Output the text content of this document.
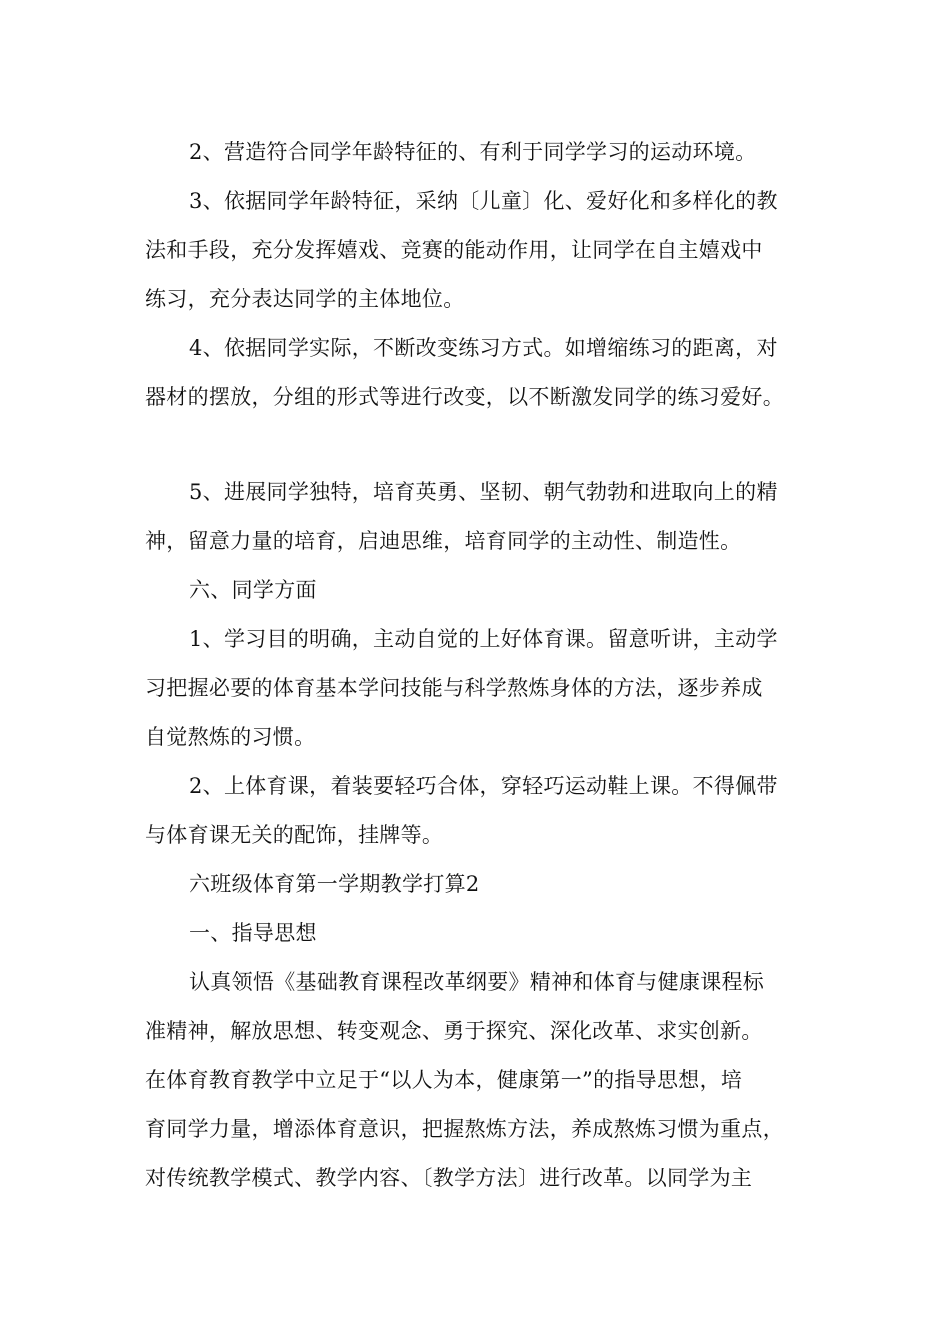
2、营造符合同学年龄特征的、有利于同学学习的运动环境。

3、依据同学年龄特征，采纳〔儿童〕化、爱好化和多样化的教

法和手段，充分发挥嬉戏、竞赛的能动作用，让同学在自主嬉戏中

练习，充分表达同学的主体地位。

4、依据同学实际，不断改变练习方式。如增缩练习的距离，对

器材的摆放，分组的形式等进行改变，以不断激发同学的练习爱好。

5、进展同学独特，培育英勇、坚韧、朝气勃勃和进取向上的精

神，留意力量的培育，启迪思维，培育同学的主动性、制造性。

六、同学方面

1、学习目的明确，主动自觉的上好体育课。留意听讲，主动学

习把握必要的体育基本学问技能与科学熬炼身体的方法，逐步养成

自觉熬炼的习惯。

2、上体育课，着装要轻巧合体，穿轻巧运动鞋上课。不得佩带

与体育课无关的配饰，挂牌等。

六班级体育第一学期教学打算2

一、指导思想

认真领悟《基础教育课程改革纲要》精神和体育与健康课程标

准精神，解放思想、转变观念、勇于探究、深化改革、求实创新。

在体育教育教学中立足于“以人为本，健康第一”的指导思想，培

育同学力量，增添体育意识，把握熬炼方法，养成熬炼习惯为重点，

对传统教学模式、教学内容、〔教学方法〕进行改革。以同学为主
